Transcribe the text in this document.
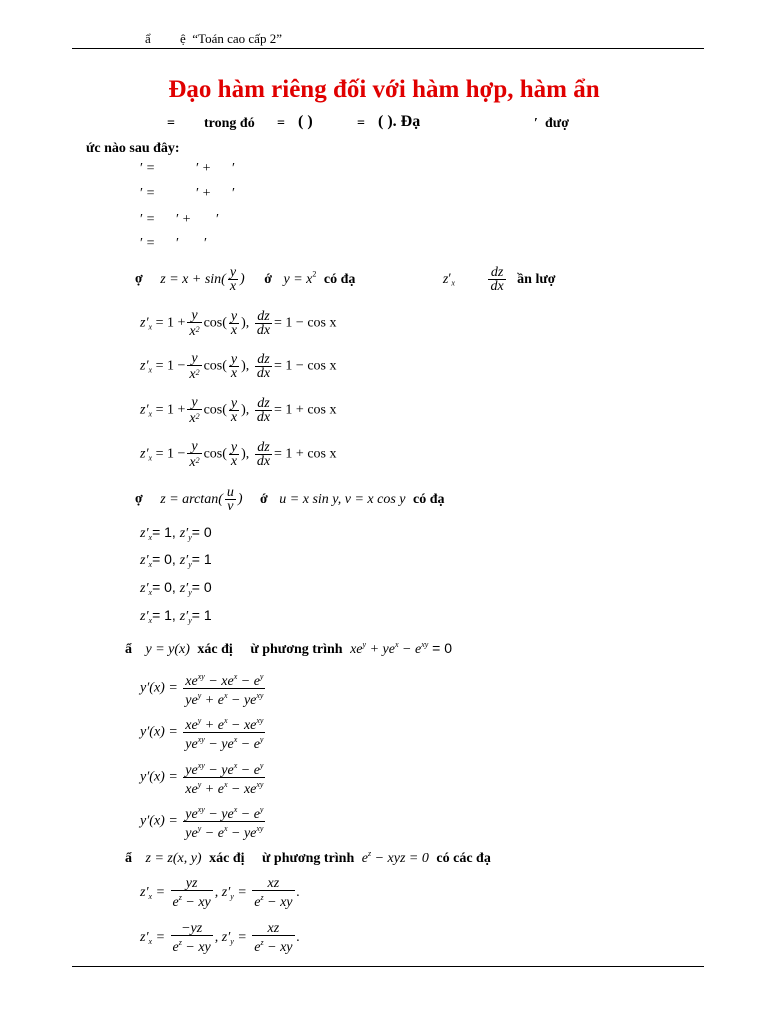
ẩ         ệ  “Toán cao cấp 2”
Đạo hàm riêng đối với hàm hợp, hàm ẩn
= trong đó = ( )	= ( ). Đạ	′ đượ
ức nào sau đây:
′ =	′ + ′
′ =	′ + ′
′ = ′ + ′
′ = ′ ′
ợ $z = x + \sin( \frac{y}{x}$ ) ớ $y = x^2$ có đạ	$z'_x \frac{dz}{dx}$ ần lượ
$z'_x = 1 + \frac{y}{x^2} \cos( \frac{y}{x}$ ), $\frac{dz}{dx} = 1 - \cos x$
$z'_x = 1 - \frac{y}{x^2} \cos( \frac{y}{x}$ ), $\frac{dz}{dx} = 1 - \cos x$
$z'_x = 1 + \frac{y}{x^2} \cos( \frac{y}{x}$ ), $\frac{dz}{dx} = 1 + \cos x$
$z'_x = 1 - \frac{y}{x^2} \cos( \frac{y}{x}$ ), $\frac{dz}{dx} = 1 + \cos x$
ợ $z = \arctan( \frac{u}{v}$ ) ớ u = x sin y, v = x cos y có đạ
$z'_x= 1$, $z'_y= 0$
$z'_x= 0$, $z'_y= 1$
$z'_x= 0$, $z'_y= 0$
$z'_x= 1$, $z'_y= 1$
ẩ y = y(x) xác đị ừ phương trình $xe^y + ye^x - e^{xy} = 0$
$y'(x) = \frac{xe^{xy} - xe^x - e^y}{ye^y + e^x - ye^{xy}}$
$y'(x) = \frac{xe^y + e^x - xe^{xy}}{ye^{xy} - ye^x - e^y}$
$y'(x) = \frac{ye^{xy} - ye^x - e^y}{xe^y + e^x - xe^{xy}}$
$y'(x) = \frac{ye^{xy} - ye^x - e^y}{ye^y - e^x - ye^{xy}}$
ẩ z = z(x, y) xác đị ừ phương trình $e^z$ − xyz = 0 có các đạ
$z'_x = \frac{yz}{e^z - xy}$ , $z'_y = \frac{xz}{e^z - xy}$ .
$z'_x = \frac{-yz}{e^z - xy}$ , $z'_y = \frac{xz}{e^z - xy}$ .
